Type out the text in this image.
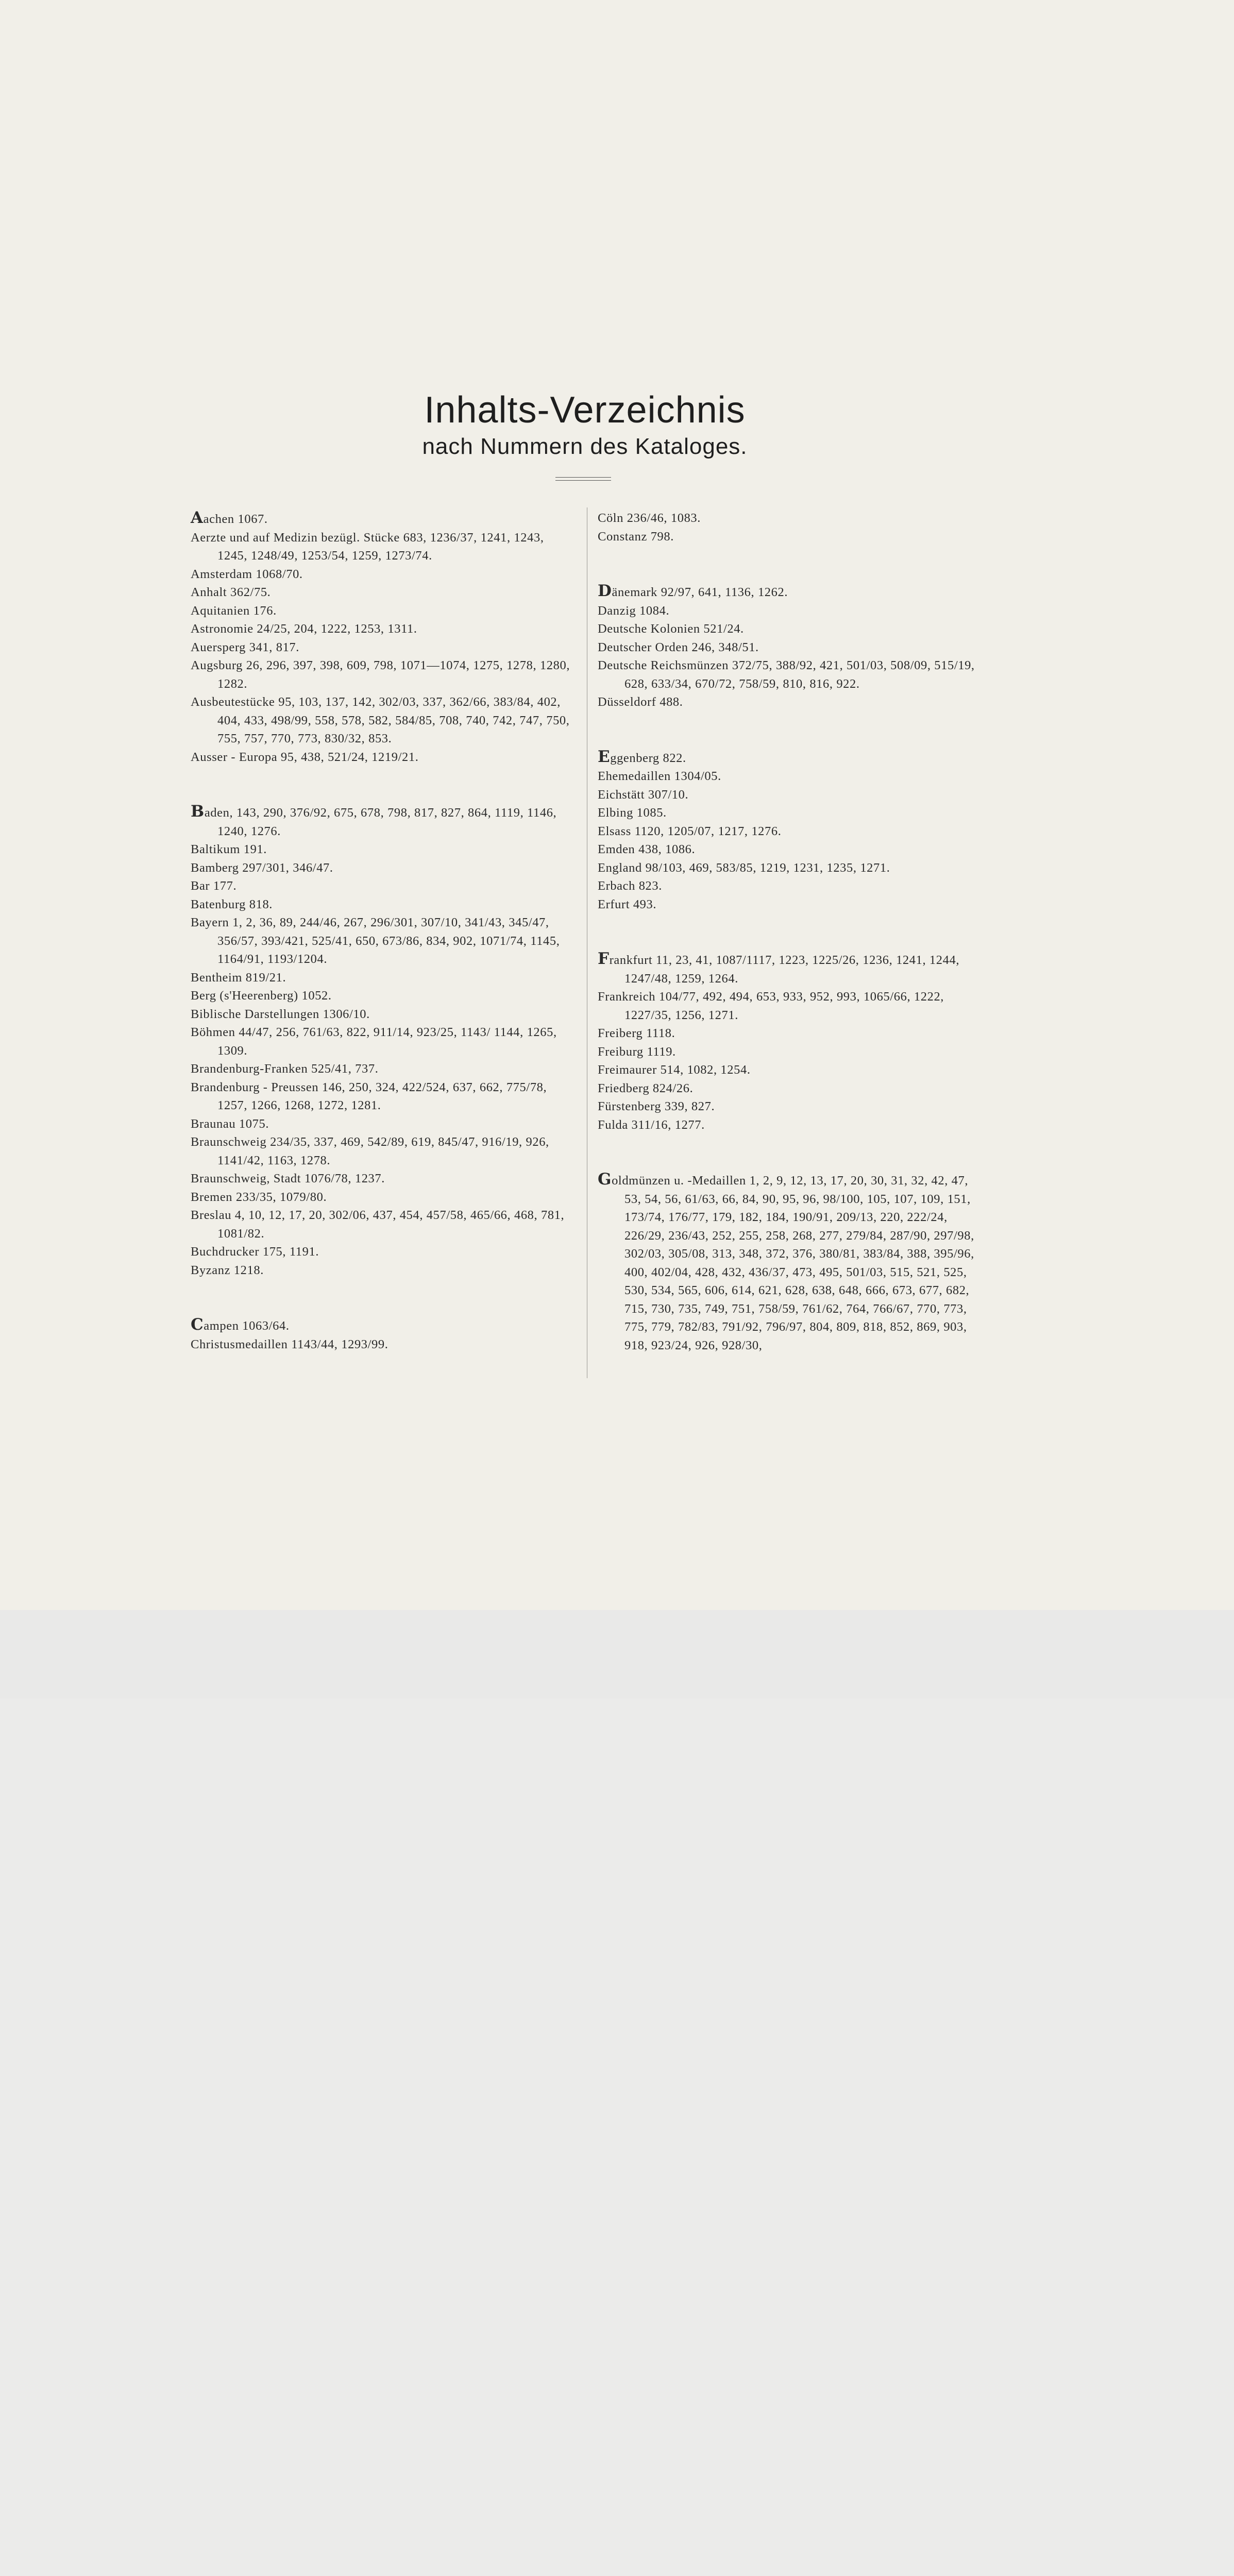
Inhalts-Verzeichnis
nach Nummern des Kataloges.
Aachen 1067.
Aerzte und auf Medizin bezügl. Stücke 683, 1236/37, 1241, 1243, 1245, 1248/49, 1253/54, 1259, 1273/74.
Amsterdam 1068/70.
Anhalt 362/75.
Aquitanien 176.
Astronomie 24/25, 204, 1222, 1253, 1311.
Auersperg 341, 817.
Augsburg 26, 296, 397, 398, 609, 798, 1071—1074, 1275, 1278, 1280, 1282.
Ausbeutestücke 95, 103, 137, 142, 302/03, 337, 362/66, 383/84, 402, 404, 433, 498/99, 558, 578, 582, 584/85, 708, 740, 742, 747, 750, 755, 757, 770, 773, 830/32, 853.
Ausser - Europa 95, 438, 521/24, 1219/21.
Baden, 143, 290, 376/92, 675, 678, 798, 817, 827, 864, 1119, 1146, 1240, 1276.
Baltikum 191.
Bamberg 297/301, 346/47.
Bar 177.
Batenburg 818.
Bayern 1, 2, 36, 89, 244/46, 267, 296/301, 307/10, 341/43, 345/47, 356/57, 393/421, 525/41, 650, 673/86, 834, 902, 1071/74, 1145, 1164/91, 1193/1204.
Bentheim 819/21.
Berg (s'Heerenberg) 1052.
Biblische Darstellungen 1306/10.
Böhmen 44/47, 256, 761/63, 822, 911/14, 923/25, 1143/ 1144, 1265, 1309.
Brandenburg-Franken 525/41, 737.
Brandenburg - Preussen 146, 250, 324, 422/524, 637, 662, 775/78, 1257, 1266, 1268, 1272, 1281.
Braunau 1075.
Braunschweig 234/35, 337, 469, 542/89, 619, 845/47, 916/19, 926, 1141/42, 1163, 1278.
Braunschweig, Stadt 1076/78, 1237.
Bremen 233/35, 1079/80.
Breslau 4, 10, 12, 17, 20, 302/06, 437, 454, 457/58, 465/66, 468, 781, 1081/82.
Buchdrucker 175, 1191.
Byzanz 1218.
Campen 1063/64.
Christusmedaillen 1143/44, 1293/99.
Cöln 236/46, 1083.
Constanz 798.
Dänemark 92/97, 641, 1136, 1262.
Danzig 1084.
Deutsche Kolonien 521/24.
Deutscher Orden 246, 348/51.
Deutsche Reichsmünzen 372/75, 388/92, 421, 501/03, 508/09, 515/19, 628, 633/34, 670/72, 758/59, 810, 816, 922.
Düsseldorf 488.
Eggenberg 822.
Ehemedaillen 1304/05.
Eichstätt 307/10.
Elbing 1085.
Elsass 1120, 1205/07, 1217, 1276.
Emden 438, 1086.
England 98/103, 469, 583/85, 1219, 1231, 1235, 1271.
Erbach 823.
Erfurt 493.
Frankfurt 11, 23, 41, 1087/1117, 1223, 1225/26, 1236, 1241, 1244, 1247/48, 1259, 1264.
Frankreich 104/77, 492, 494, 653, 933, 952, 993, 1065/66, 1222, 1227/35, 1256, 1271.
Freiberg 1118.
Freiburg 1119.
Freimaurer 514, 1082, 1254.
Friedberg 824/26.
Fürstenberg 339, 827.
Fulda 311/16, 1277.
Goldmünzen u. -Medaillen 1, 2, 9, 12, 13, 17, 20, 30, 31, 32, 42, 47, 53, 54, 56, 61/63, 66, 84, 90, 95, 96, 98/100, 105, 107, 109, 151, 173/74, 176/77, 179, 182, 184, 190/91, 209/13, 220, 222/24, 226/29, 236/43, 252, 255, 258, 268, 277, 279/84, 287/90, 297/98, 302/03, 305/08, 313, 348, 372, 376, 380/81, 383/84, 388, 395/96, 400, 402/04, 428, 432, 436/37, 473, 495, 501/03, 515, 521, 525, 530, 534, 565, 606, 614, 621, 628, 638, 648, 666, 673, 677, 682, 715, 730, 735, 749, 751, 758/59, 761/62, 764, 766/67, 770, 773, 775, 779, 782/83, 791/92, 796/97, 804, 809, 818, 852, 869, 903, 918, 923/24, 926, 928/30,
